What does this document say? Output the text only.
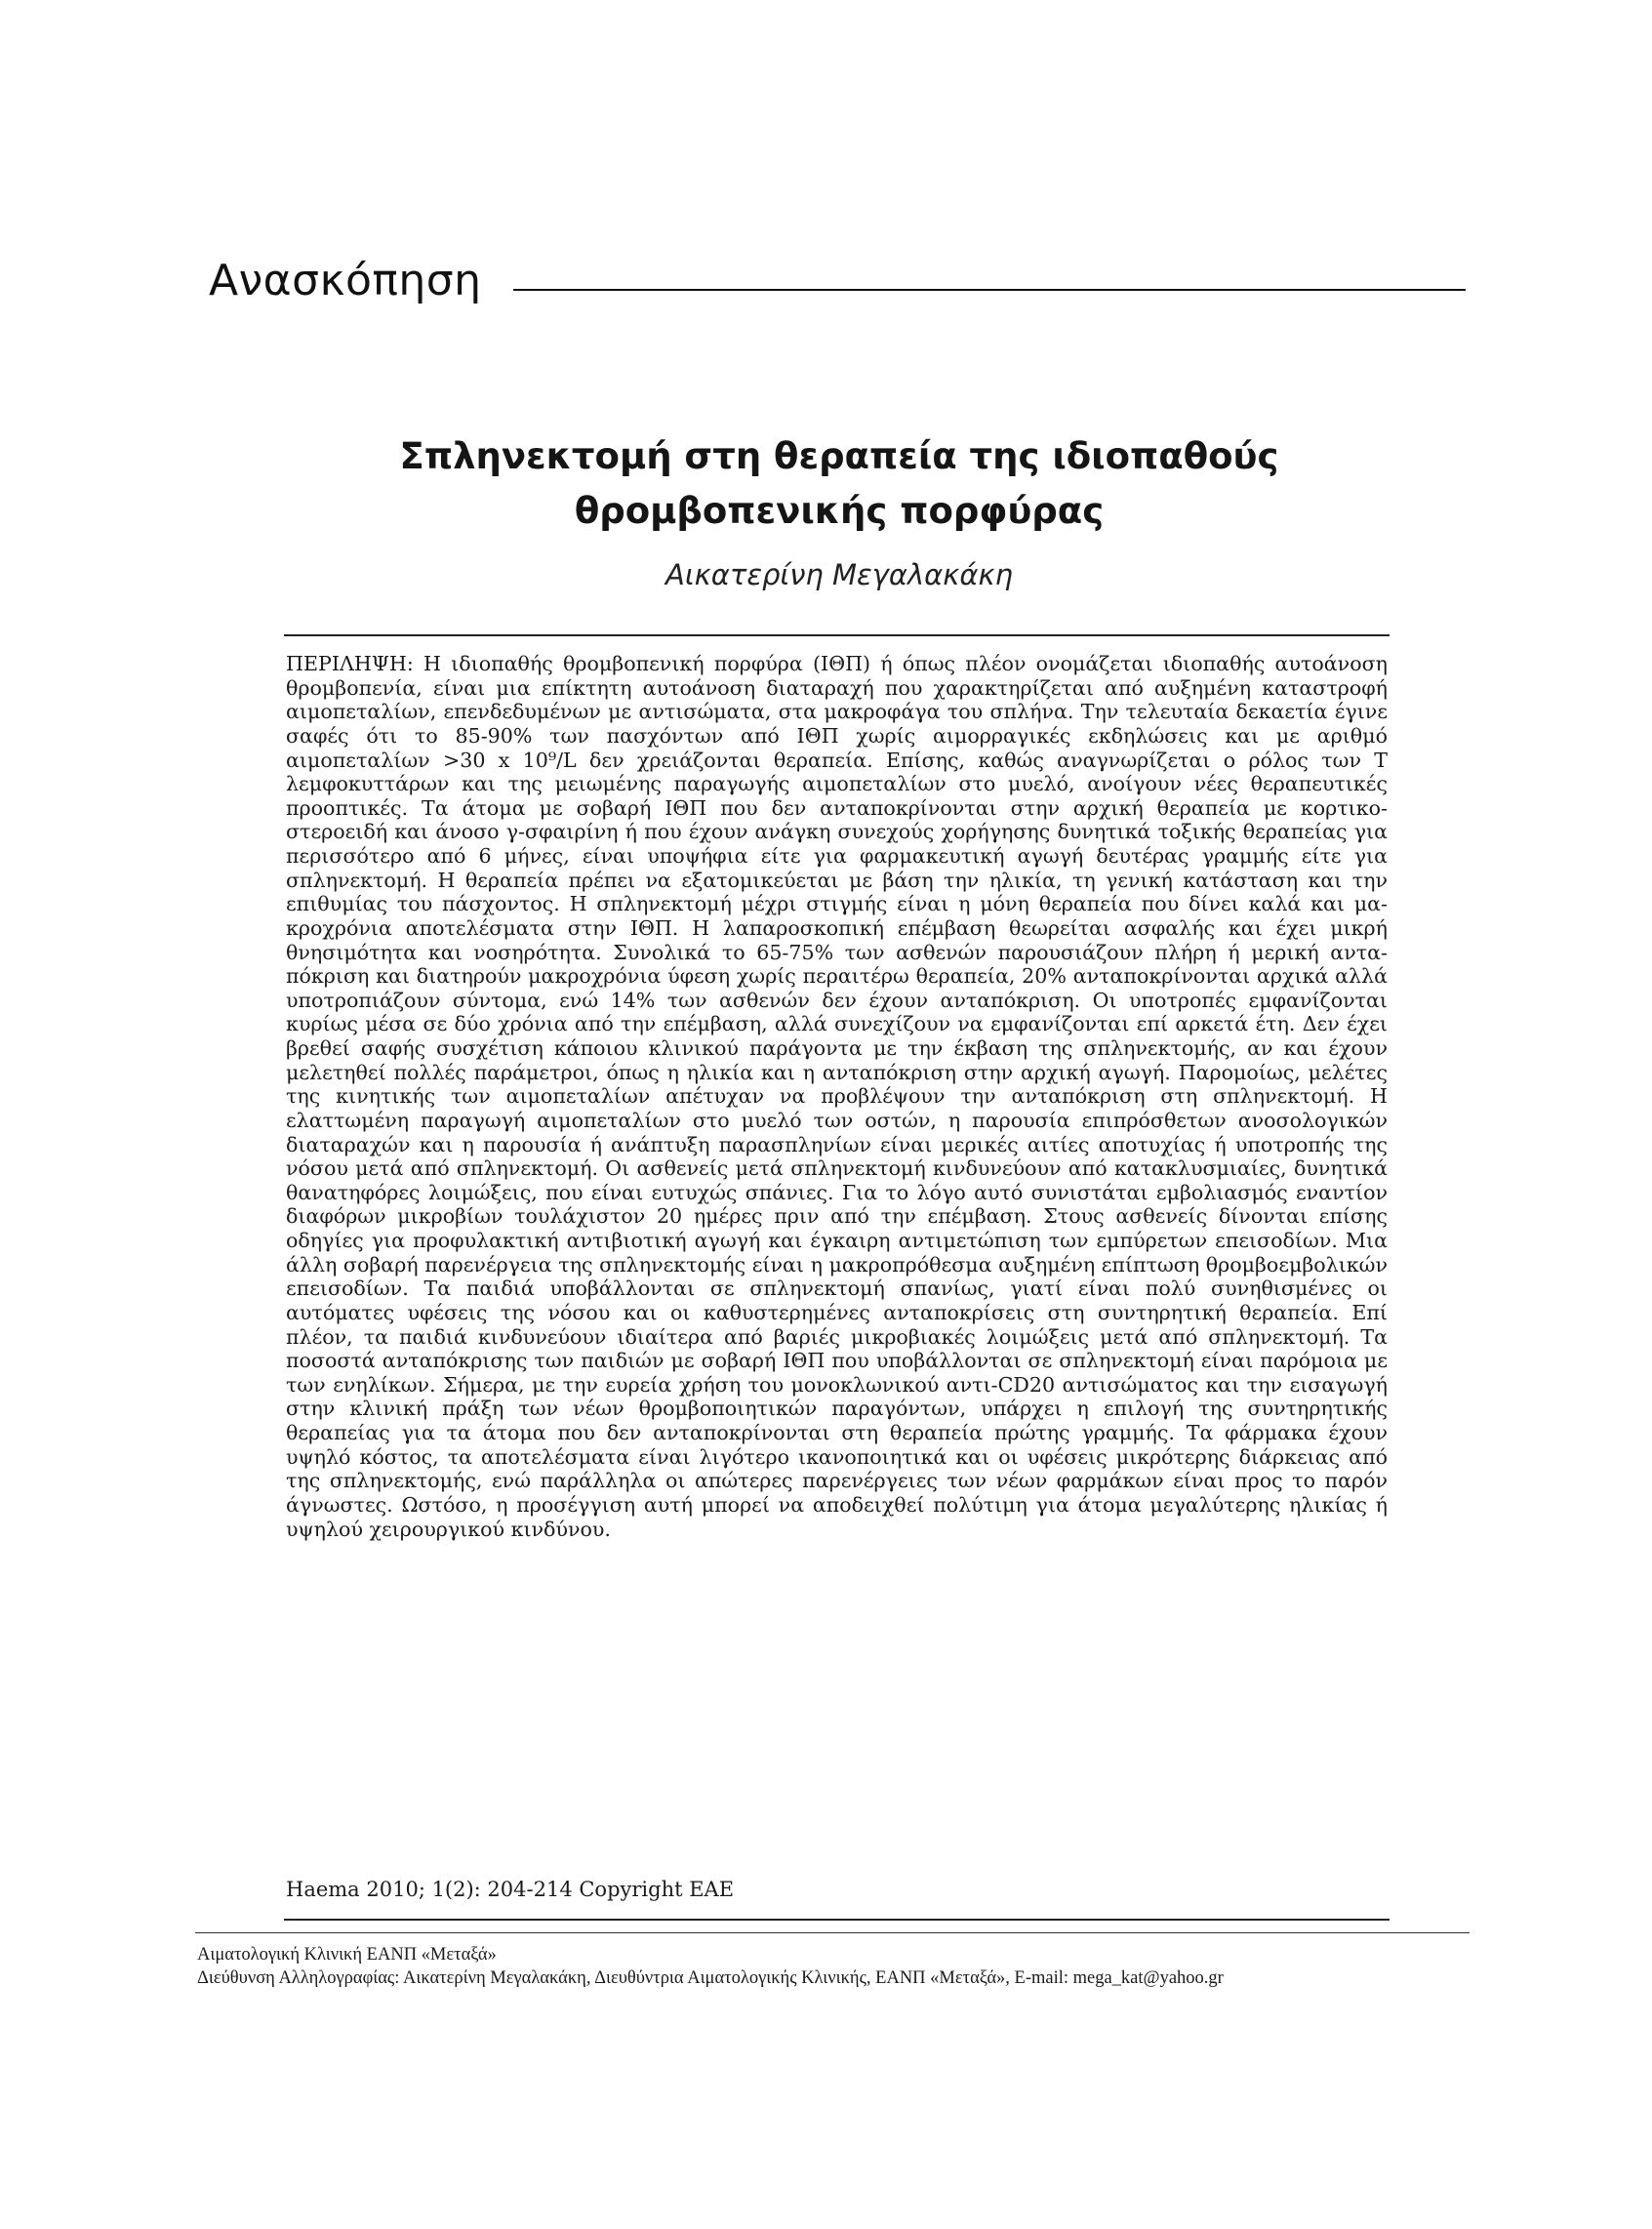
Ανασκόπηση
Σπληνεκτομή στη θεραπεία της ιδιοπαθούς
θρομβοπενικής πορφύρας
Αικατερίνη Μεγαλακάκη
ΠΕΡΙΛΗΨΗ: Η ιδιοπαθής θρομβοπενική πορφύρα (ΙΘΠ) ή όπως πλέον ονομάζεται ιδιοπαθής αυτοάνοση θρομβοπενία, είναι μια επίκτητη αυτοάνοση διαταραχή που χαρακτηρίζεται από αυξημένη καταστροφή αιμοπεταλίων, επενδεδυμένων με αντισώματα, στα μακροφάγα του σπλήνα. Την τελευταία δεκαετία έγινε σαφές ότι το 85-90% των πασχόντων από ΙΘΠ χωρίς αιμορραγικές εκδηλώσεις και με αριθμό αιμοπεταλίων >30 x 10⁹/L δεν χρειάζονται θεραπεία. Επίσης, καθώς αναγνωρίζεται ο ρόλος των Τ λεμφοκυττάρων και της μειωμένης παραγωγής αιμοπεταλίων στο μυελό, ανοίγουν νέες θεραπευτικές προοπτικές. Τα άτομα με σοβαρή ΙΘΠ που δεν ανταποκρίνονται στην αρχική θεραπεία με κορτικοστεροειδή και άνοσο γ-σφαιρίνη ή που έχουν ανάγκη συνεχούς χορήγησης δυνητικά τοξικής θεραπείας για περισσότερο από 6 μήνες, είναι υποψήφια είτε για φαρμακευτική αγωγή δευτέρας γραμμής είτε για σπληνεκτομή. Η θεραπεία πρέπει να εξατομικεύεται με βάση την ηλικία, τη γενική κατάσταση και την επιθυμίας του πάσχοντος. Η σπληνεκτομή μέχρι στιγμής είναι η μόνη θεραπεία που δίνει καλά και μακροχρόνια αποτελέσματα στην ΙΘΠ. Η λαπαροσκοπική επέμβαση θεωρείται ασφαλής και έχει μικρή θνησιμότητα και νοσηρότητα. Συνολικά το 65-75% των ασθενών παρουσιάζουν πλήρη ή μερική ανταπόκριση και διατηρούν μακροχρόνια ύφεση χωρίς περαιτέρω θεραπεία, 20% ανταποκρίνονται αρχικά αλλά υποτροπιάζουν σύντομα, ενώ 14% των ασθενών δεν έχουν ανταπόκριση. Οι υποτροπές εμφανίζονται κυρίως μέσα σε δύο χρόνια από την επέμβαση, αλλά συνεχίζουν να εμφανίζονται επί αρκετά έτη. Δεν έχει βρεθεί σαφής συσχέτιση κάποιου κλινικού παράγοντα με την έκβαση της σπληνεκτομής, αν και έχουν μελετηθεί πολλές παράμετροι, όπως η ηλικία και η ανταπόκριση στην αρχική αγωγή. Παρομοίως, μελέτες της κινητικής των αιμοπεταλίων απέτυχαν να προβλέψουν την ανταπόκριση στη σπληνεκτομή. Η ελαττωμένη παραγωγή αιμοπεταλίων στο μυελό των οστών, η παρουσία επιπρόσθετων ανοσολογικών διαταραχών και η παρουσία ή ανάπτυξη παρασπληνίων είναι μερικές αιτίες αποτυχίας ή υποτροπής της νόσου μετά από σπληνεκτομή. Οι ασθενείς μετά σπληνεκτομή κινδυνεύουν από κατακλυσμιαίες, δυνητικά θανατηφόρες λοιμώξεις, που είναι ευτυχώς σπάνιες. Για το λόγο αυτό συνιστάται εμβολιασμός εναντίον διαφόρων μικροβίων τουλάχιστον 20 ημέρες πριν από την επέμβαση. Στους ασθενείς δίνονται επίσης οδηγίες για προφυλακτική αντιβιοτική αγωγή και έγκαιρη αντιμετώπιση των εμπύρετων επεισοδίων. Μια άλλη σοβαρή παρενέργεια της σπληνεκτομής είναι η μακροπρόθεσμα αυξημένη επίπτωση θρομβοεμβολικών επεισοδίων. Τα παιδιά υποβάλλονται σε σπληνεκτομή σπανίως, γιατί είναι πολύ συνηθισμένες οι αυτόματες υφέσεις της νόσου και οι καθυστερημένες ανταποκρίσεις στη συντηρητική θεραπεία. Επί πλέον, τα παιδιά κινδυνεύουν ιδιαίτερα από βαριές μικροβιακές λοιμώξεις μετά από σπληνεκτομή. Τα ποσοστά ανταπόκρισης των παιδιών με σοβαρή ΙΘΠ που υποβάλλονται σε σπληνεκτομή είναι παρόμοια με των ενηλίκων. Σήμερα, με την ευρεία χρήση του μονοκλωνικού αντι-CD20 αντισώματος και την εισαγωγή στην κλινική πράξη των νέων θρομβοποιητικών παραγόντων, υπάρχει η επιλογή της συντηρητικής θεραπείας για τα άτομα που δεν ανταποκρίνονται στη θεραπεία πρώτης γραμμής. Τα φάρμακα έχουν υψηλό κόστος, τα αποτελέσματα είναι λιγότερο ικανοποιητικά και οι υφέσεις μικρότερης διάρκειας από της σπληνεκτομής, ενώ παράλληλα οι απώτερες παρενέργειες των νέων φαρμάκων είναι προς το παρόν άγνωστες. Ωστόσο, η προσέγγιση αυτή μπορεί να αποδειχθεί πολύτιμη για άτομα μεγαλύτερης ηλικίας ή υψηλού χειρουργικού κινδύνου.
Haema 2010; 1(2): 204-214 Copyright EAE
Αιματολογική Κλινική ΕΑΝΠ «Μεταξά»
Διεύθυνση Αλληλογραφίας: Αικατερίνη Μεγαλακάκη, Διευθύντρια Αιματολογικής Κλινικής, ΕΑΝΠ «Μεταξά», E-mail: mega_kat@yahoo.gr
